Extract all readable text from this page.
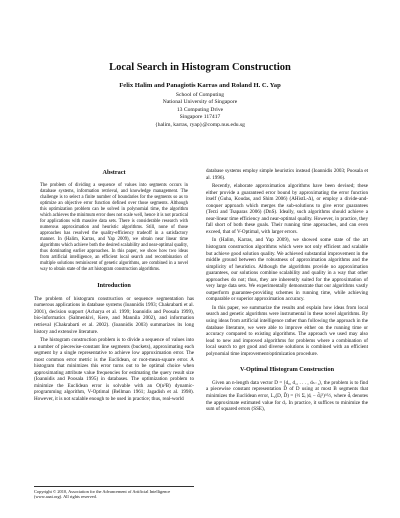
Local Search in Histogram Construction
Felix Halim and Panagiotis Karras and Roland H. C. Yap
School of Computing
National University of Singapore
13 Computing Drive
Singapore 117417
{halim, karras, ryap}@comp.nus.edu.sg
Abstract

The problem of dividing a sequence of values into segments occurs in database systems, information retrieval, and knowledge management. The challenge is to select a finite number of boundaries for the segments so as to optimize an objective error function defined over those segments. Although this optimization problem can be solved in polynomial time, the algorithm which achieves the minimum error does not scale well, hence it is not practical for applications with massive data sets. There is considerable research with numerous approximation and heuristic algorithms. Still, none of those approaches has resolved the quality-efficiency tradeoff in a satisfactory manner. In (Halim, Karras, and Yap 2009), we obtain near linear time algorithms which achieve both the desired scalability and near-optimal quality, thus dominating earlier approaches. In this paper, we show how two ideas from artificial intelligence, an efficient local search and recombination of multiple solutions reminiscent of genetic algorithms, are combined in a novel way to obtain state of the art histogram construction algorithms.

Introduction

The problem of histogram construction or sequence segmentation has numerous applications in database systems (Ioannidis 1993; Chakrabarti et al. 2001), decision support (Acharya et al. 1999; Ioannidis and Poosala 1999), bio-informatics (Salmenkivi, Kere, and Mannila 2002), and information retrieval (Chakrabarti et al. 2002). (Ioannidis 2003) summarizes its long history and extensive literature.

The histogram construction problem is to divide a sequence of values into a number of piecewise-constant line segments (buckets), approximating each segment by a single representative to achieve low approximation error. The most common error metric is the Euclidean, or root-mean-square error. A histogram that minimizes this error turns out to be optimal choice when approximating attribute value frequencies for estimating the query result size (Ioannidis and Poosala 1995) in databases. The optimization problem to minimize the Euclidean error is solvable with an O(n²B) dynamic-programming algorithm, V-Optimal (Bellman 1961; Jagadish et al. 1998). However, it is not scalable enough to be used in practice; thus, real-world

Copyright © 2010, Association for the Advancement of Artificial Intelligence (www.aaai.org). All rights reserved.

database systems employ simple heuristics instead (Ioannidis 2003; Poosala et al. 1996).

Recently, elaborate approximation algorithms have been devised; these either provide a guaranteed error bound by approximating the error function itself (Guha, Koudas, and Shim 2006) (AHistL-Δ), or employ a divide-and-conquer approach which merges the sub-solutions to give error guarantees (Terzi and Tsaparas 2006) (DnS). Ideally, such algorithms should achieve a near-linear time efficiency and near-optimal quality. However, in practice, they fall short of both these goals. Their running time approaches, and can even exceed, that of V-Optimal, with larger errors.

In (Halim, Karras, and Yap 2009), we showed some state of the art histogram construction algorithms which were not only efficient and scalable but achieve good solution quality. We achieved substantial improvement in the middle ground between the robustness of approximation algorithms and the simplicity of heuristics. Although the algorithms provide no approximation guarantees, our solutions combine scalability and quality in a way that other approaches do not; thus, they are inherently suited for the approximation of very large data sets. We experimentally demonstrate that our algorithms vastly outperform guarantee-providing schemes in running time, while achieving comparable or superior approximation accuracy.

In this paper, we summarize the results and explain how ideas from local search and genetic algorithms were instrumental in these novel algorithms. By using ideas from artificial intelligence rather than following the approach in the database literature, we were able to improve either on the running time or accuracy compared to existing algorithms. The approach we used may also lead to new and improved algorithms for problems where a combination of local search to get good and diverse solutions is combined with an efficient polynomial time improvement/optimization procedure.

V-Optimal Histogram Construction

Given an n-length data vector D = ⟨d₀, d₁, . . . , dₙ₋₁⟩, the problem is to find a piecewise constant representation D̂ of D using at most B segments that minimizes the Euclidean error, L₂(D, D̂) = (½ Σᵢ |dᵢ − d̂ᵢ|²)^½, where d̂ᵢ denotes the approximate estimated value for dᵢ. In practice, it suffices to minimize the sum of squared errors (SSE),
